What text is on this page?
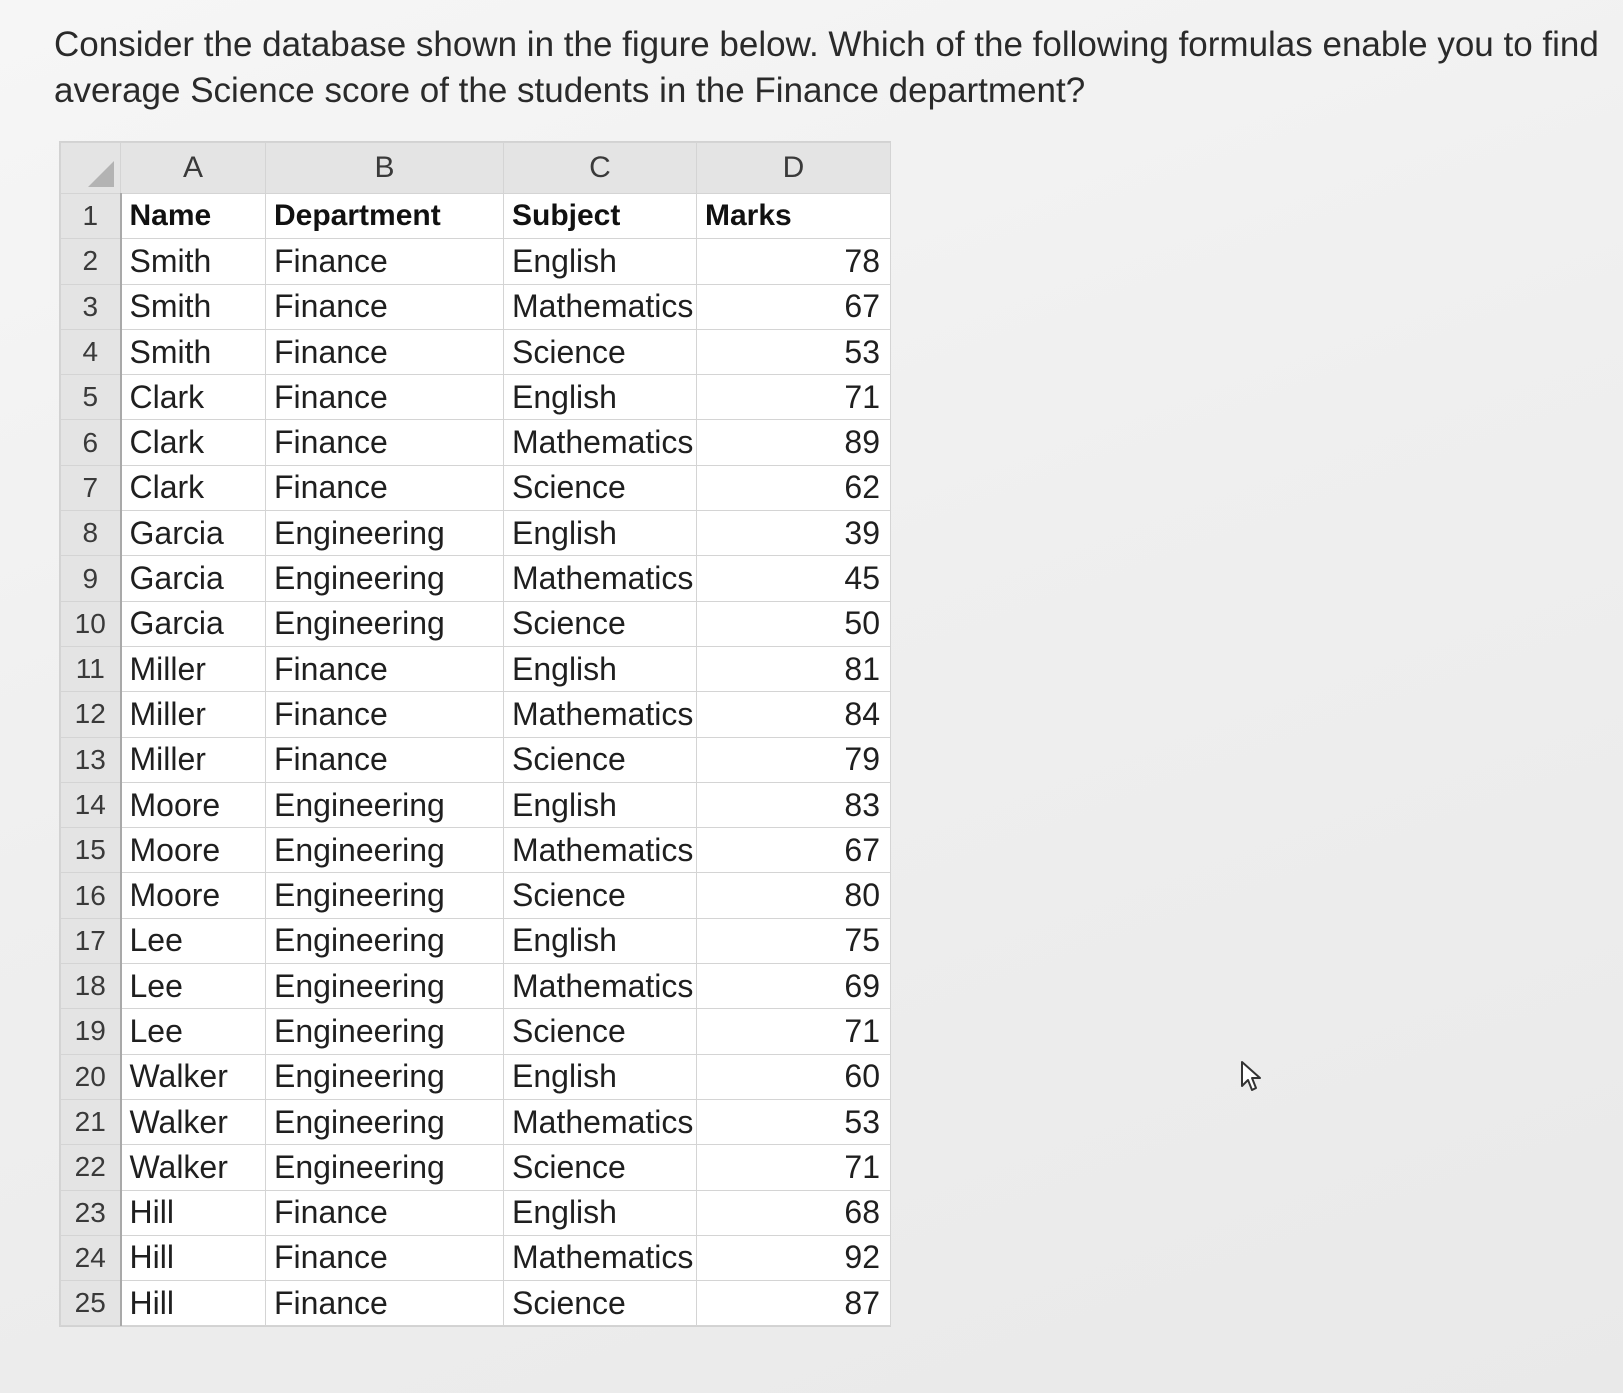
Consider the database shown in the figure below. Which of the following formulas enable you to find
average Science score of the students in the Finance department?
	A	B	C	D
1	Name	Department	Subject	Marks
2	Smith	Finance	English	78
3	Smith	Finance	Mathematics	67
4	Smith	Finance	Science	53
5	Clark	Finance	English	71
6	Clark	Finance	Mathematics	89
7	Clark	Finance	Science	62
8	Garcia	Engineering	English	39
9	Garcia	Engineering	Mathematics	45
10	Garcia	Engineering	Science	50
11	Miller	Finance	English	81
12	Miller	Finance	Mathematics	84
13	Miller	Finance	Science	79
14	Moore	Engineering	English	83
15	Moore	Engineering	Mathematics	67
16	Moore	Engineering	Science	80
17	Lee	Engineering	English	75
18	Lee	Engineering	Mathematics	69
19	Lee	Engineering	Science	71
20	Walker	Engineering	English	60
21	Walker	Engineering	Mathematics	53
22	Walker	Engineering	Science	71
23	Hill	Finance	English	68
24	Hill	Finance	Mathematics	92
25	Hill	Finance	Science	87
